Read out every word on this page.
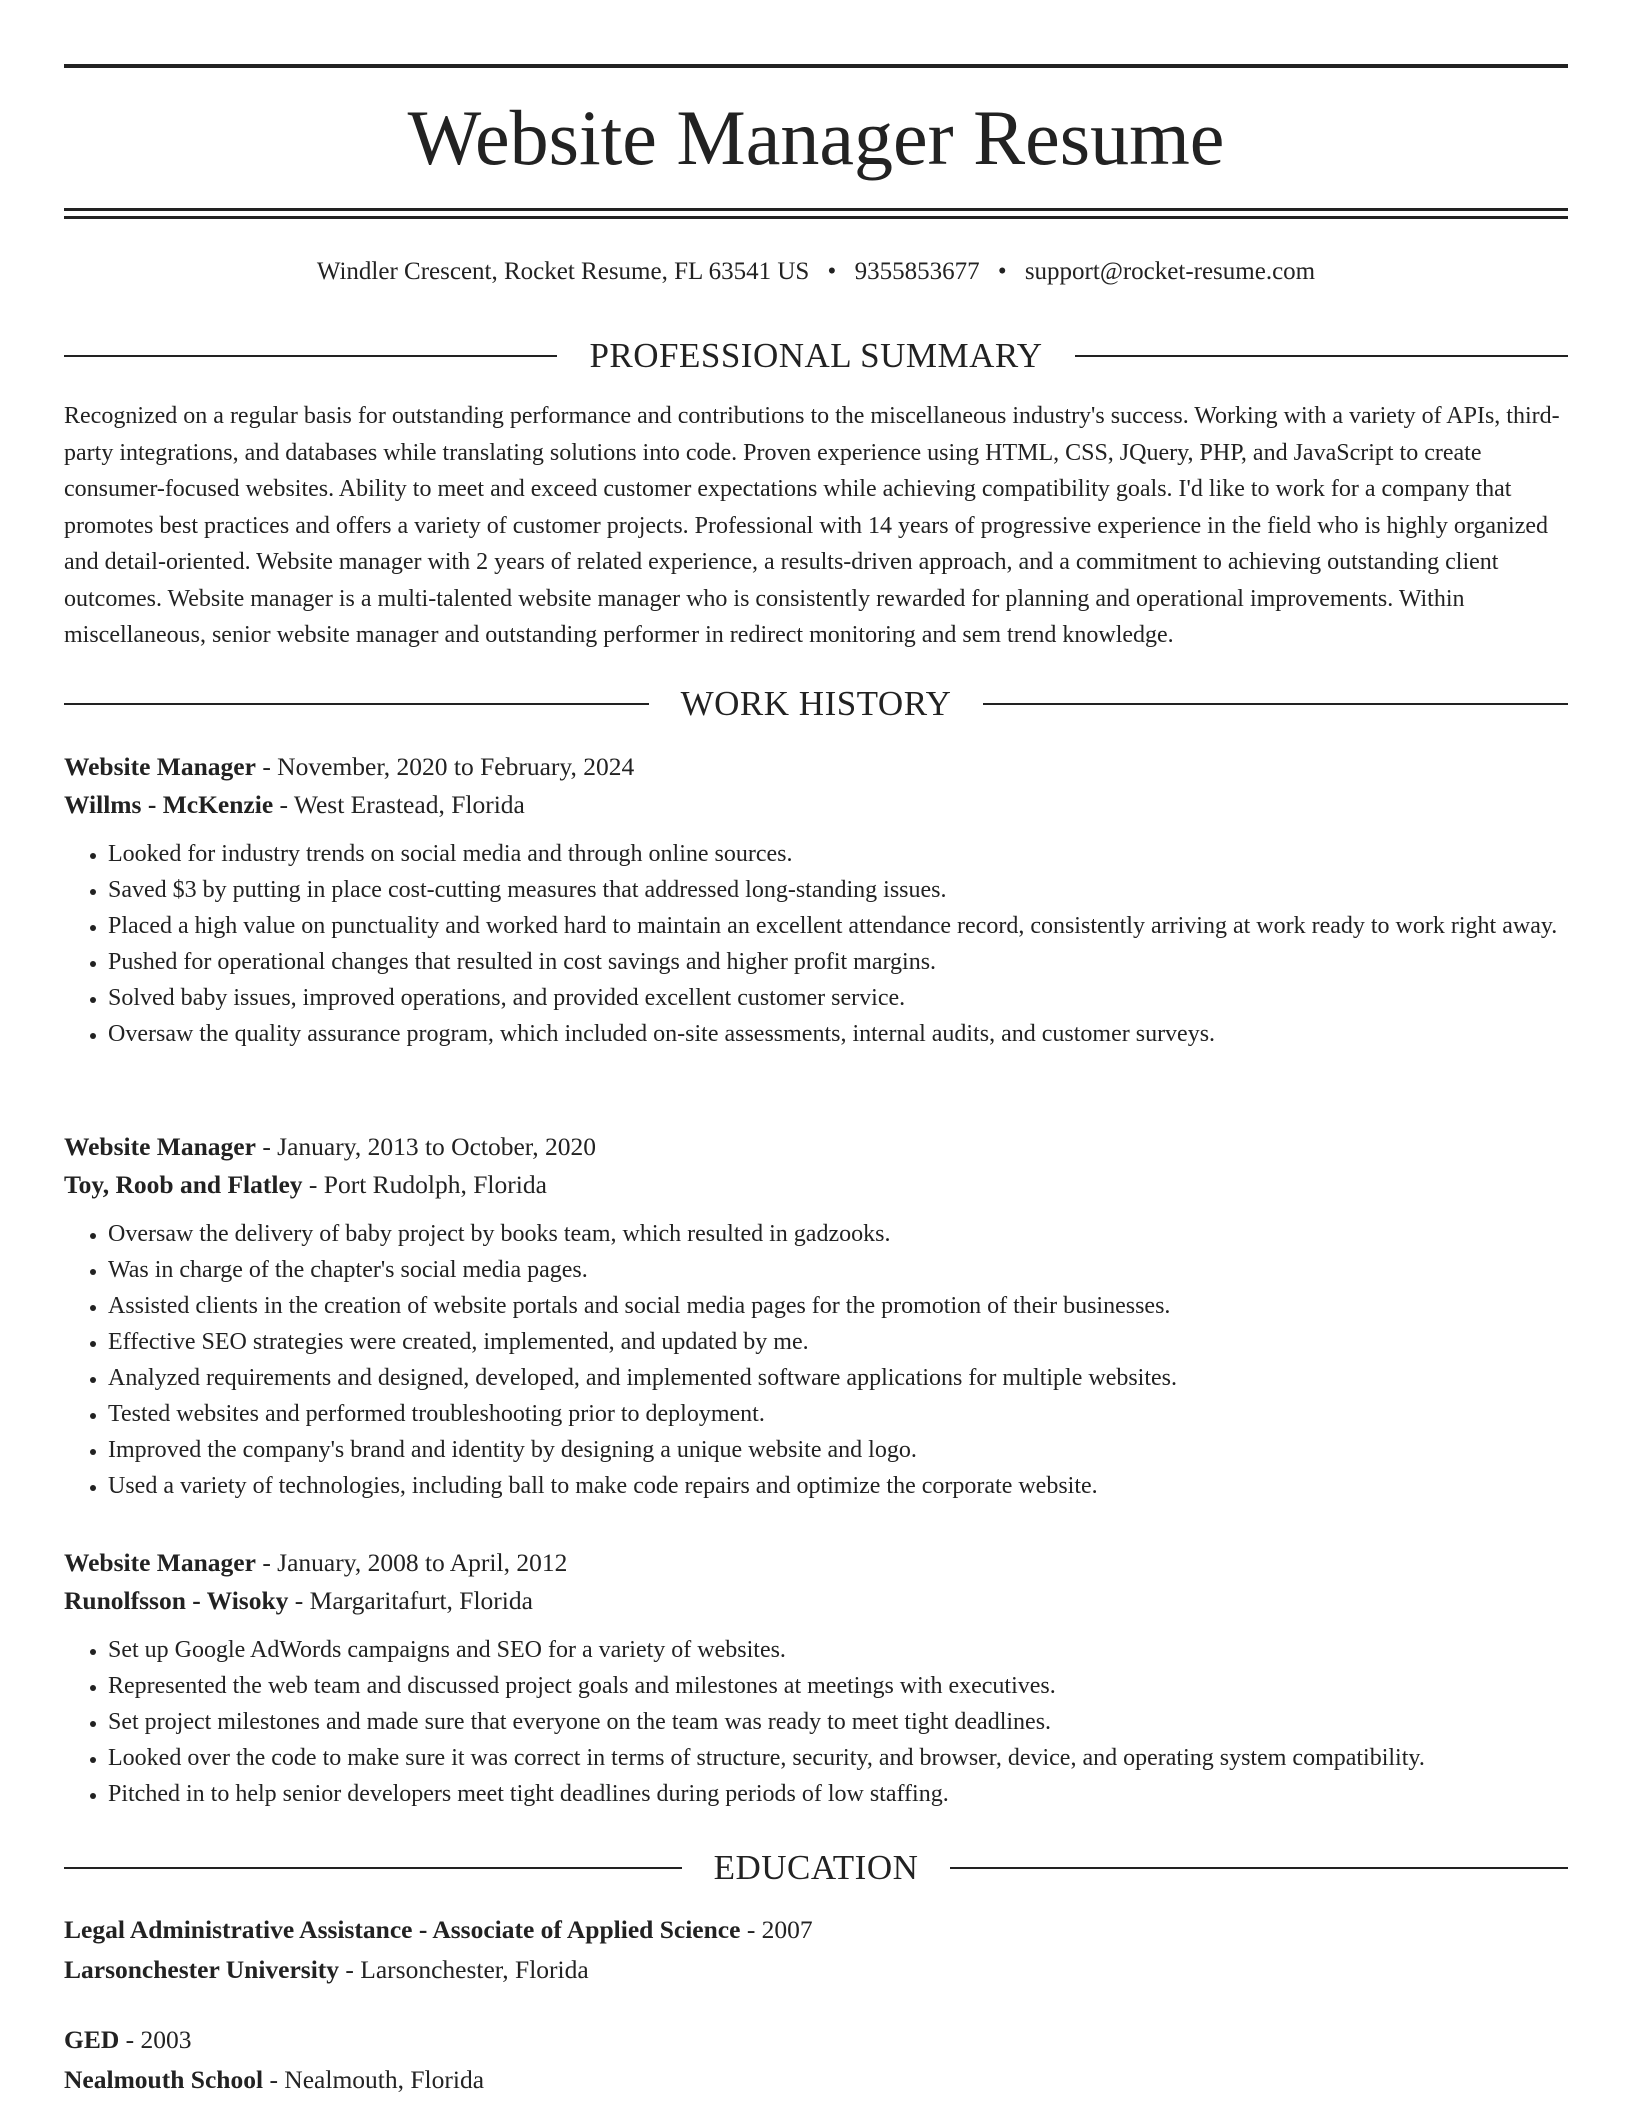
Website Manager Resume
Windler Crescent, Rocket Resume, FL 63541 US • 9355853677 • support@rocket-resume.com
PROFESSIONAL SUMMARY

Recognized on a regular basis for outstanding performance and contributions to the miscellaneous industry's success. Working with a variety of APIs, third-party integrations, and databases while translating solutions into code. Proven experience using HTML, CSS, JQuery, PHP, and JavaScript to create consumer-focused websites. Ability to meet and exceed customer expectations while achieving compatibility goals. I'd like to work for a company that promotes best practices and offers a variety of customer projects. Professional with 14 years of progressive experience in the field who is highly organized and detail-oriented. Website manager with 2 years of related experience, a results-driven approach, and a commitment to achieving outstanding client outcomes. Website manager is a multi-talented website manager who is consistently rewarded for planning and operational improvements. Within miscellaneous, senior website manager and outstanding performer in redirect monitoring and sem trend knowledge.

WORK HISTORY
Website Manager - November, 2020 to February, 2024
Willms - McKenzie - West Erastead, Florida
• Looked for industry trends on social media and through online sources.
• Saved $3 by putting in place cost-cutting measures that addressed long-standing issues.
• Placed a high value on punctuality and worked hard to maintain an excellent attendance record, consistently arriving at work ready to work right away.
• Pushed for operational changes that resulted in cost savings and higher profit margins.
• Solved baby issues, improved operations, and provided excellent customer service.
• Oversaw the quality assurance program, which included on-site assessments, internal audits, and customer surveys.
Website Manager - January, 2013 to October, 2020
Toy, Roob and Flatley - Port Rudolph, Florida
• Oversaw the delivery of baby project by books team, which resulted in gadzooks.
• Was in charge of the chapter's social media pages.
• Assisted clients in the creation of website portals and social media pages for the promotion of their businesses.
• Effective SEO strategies were created, implemented, and updated by me.
• Analyzed requirements and designed, developed, and implemented software applications for multiple websites.
• Tested websites and performed troubleshooting prior to deployment.
• Improved the company's brand and identity by designing a unique website and logo.
• Used a variety of technologies, including ball to make code repairs and optimize the corporate website.
Website Manager - January, 2008 to April, 2012
Runolfsson - Wisoky - Margaritafurt, Florida
• Set up Google AdWords campaigns and SEO for a variety of websites.
• Represented the web team and discussed project goals and milestones at meetings with executives.
• Set project milestones and made sure that everyone on the team was ready to meet tight deadlines.
• Looked over the code to make sure it was correct in terms of structure, security, and browser, device, and operating system compatibility.
• Pitched in to help senior developers meet tight deadlines during periods of low staffing.
EDUCATION
Legal Administrative Assistance - Associate of Applied Science - 2007
Larsonchester University - Larsonchester, Florida
GED - 2003
Nealmouth School - Nealmouth, Florida
